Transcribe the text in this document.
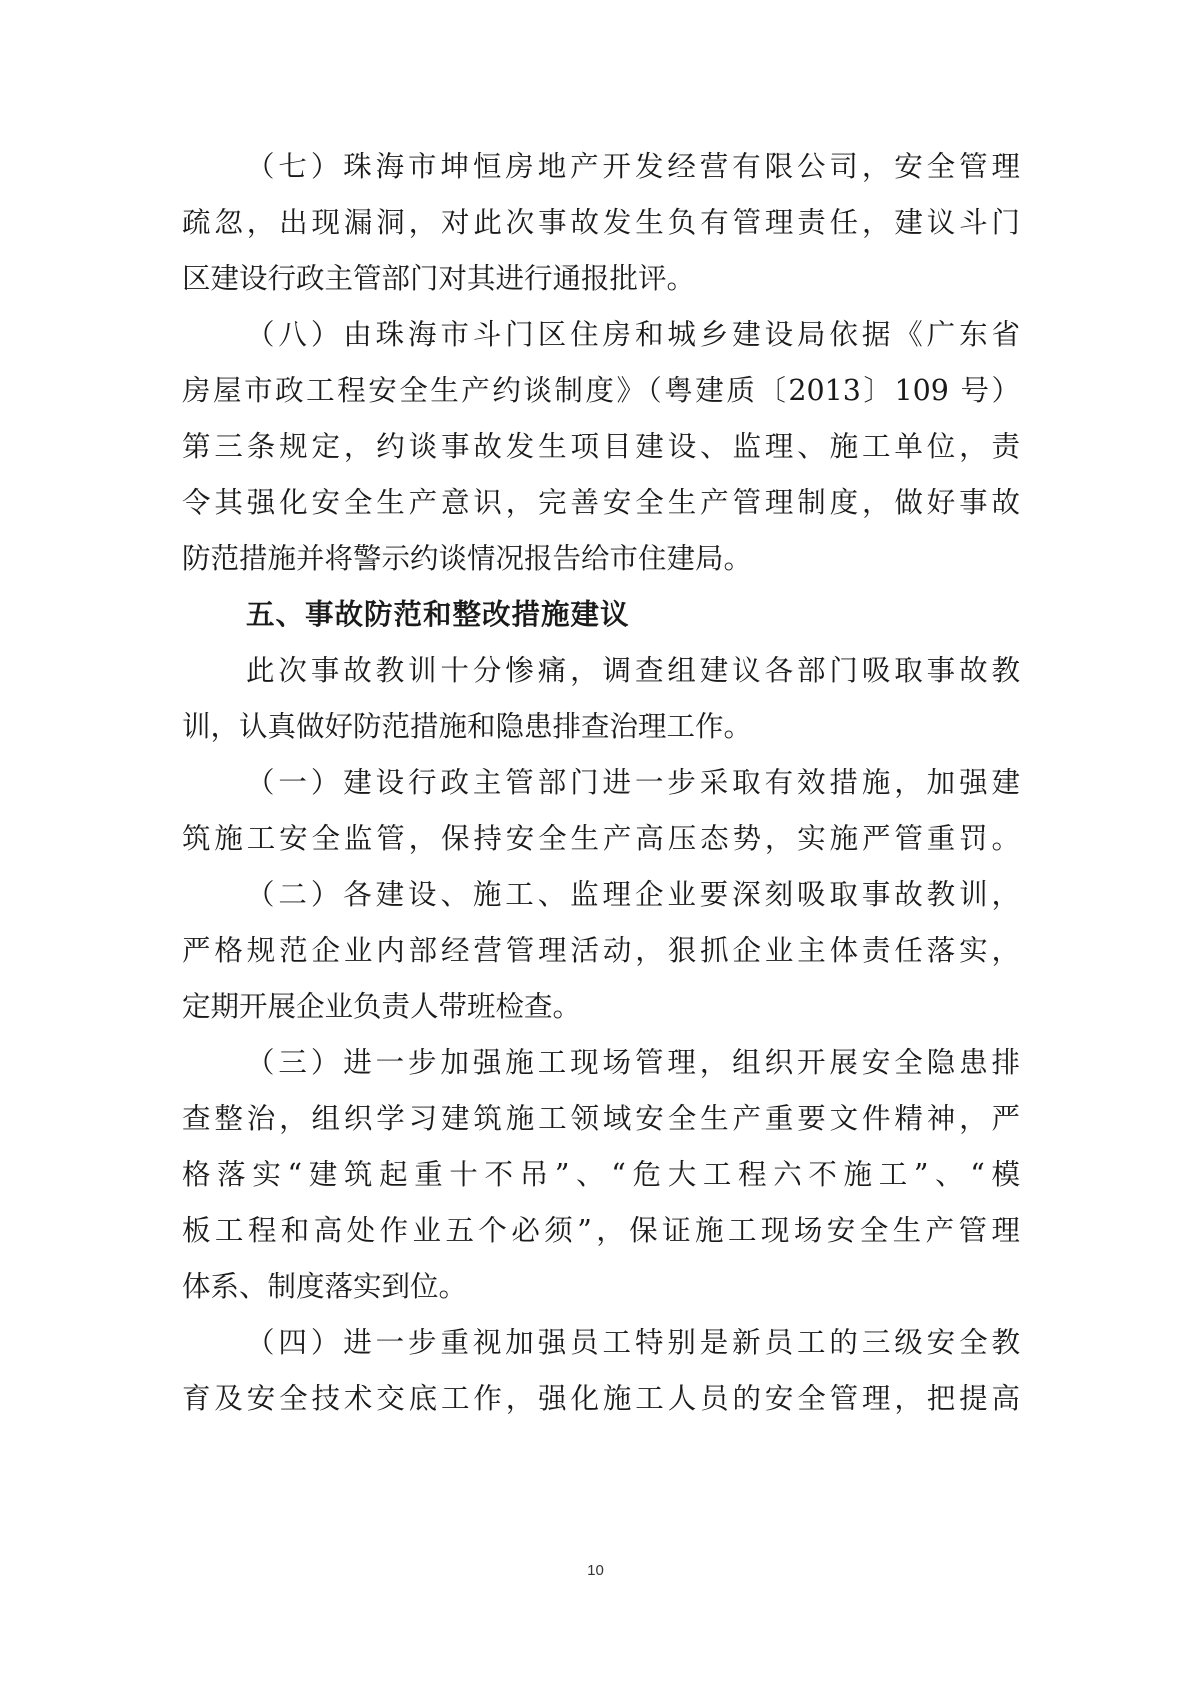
（七）珠海市坤恒房地产开发经营有限公司，安全管理
疏忽，出现漏洞，对此次事故发生负有管理责任，建议斗门
区建设行政主管部门对其进行通报批评。
（八）由珠海市斗门区住房和城乡建设局依据《广东省
房屋市政工程安全生产约谈制度》（粤建质〔2013〕109 号）
第三条规定，约谈事故发生项目建设、监理、施工单位，责
令其强化安全生产意识，完善安全生产管理制度，做好事故
防范措施并将警示约谈情况报告给市住建局。
五、事故防范和整改措施建议
此次事故教训十分惨痛，调查组建议各部门吸取事故教
训，认真做好防范措施和隐患排查治理工作。
（一）建设行政主管部门进一步采取有效措施，加强建
筑施工安全监管，保持安全生产高压态势，实施严管重罚。
（二）各建设、施工、监理企业要深刻吸取事故教训，
严格规范企业内部经营管理活动，狠抓企业主体责任落实，
定期开展企业负责人带班检查。
（三）进一步加强施工现场管理，组织开展安全隐患排
查整治，组织学习建筑施工领域安全生产重要文件精神，严
格落实“建筑起重十不吊”、“危大工程六不施工”、“模
板工程和高处作业五个必须”，保证施工现场安全生产管理
体系、制度落实到位。
（四）进一步重视加强员工特别是新员工的三级安全教
育及安全技术交底工作，强化施工人员的安全管理，把提高
10
